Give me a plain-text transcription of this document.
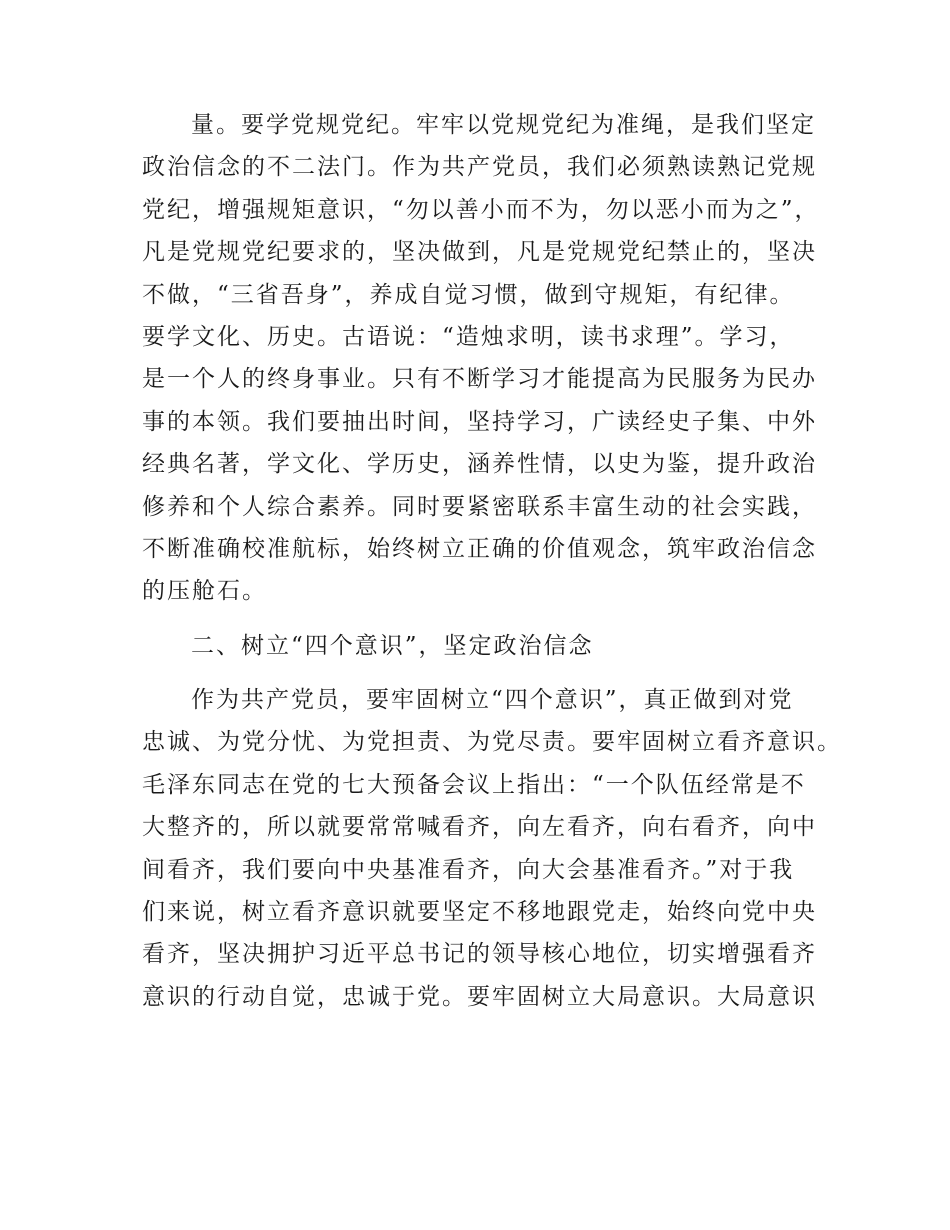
量。要学党规党纪。牢牢以党规党纪为准绳，是我们坚定
政治信念的不二法门。作为共产党员，我们必须熟读熟记党规
党纪，增强规矩意识，“勿以善小而不为，勿以恶小而为之”，
凡是党规党纪要求的，坚决做到，凡是党规党纪禁止的，坚决
不做，“三省吾身”，养成自觉习惯，做到守规矩，有纪律。
要学文化、历史。古语说：“造烛求明，读书求理”。学习，
是一个人的终身事业。只有不断学习才能提高为民服务为民办
事的本领。我们要抽出时间，坚持学习，广读经史子集、中外
经典名著，学文化、学历史，涵养性情，以史为鉴，提升政治
修养和个人综合素养。同时要紧密联系丰富生动的社会实践，
不断准确校准航标，始终树立正确的价值观念，筑牢政治信念
的压舱石。
二、树立“四个意识”，坚定政治信念
作为共产党员，要牢固树立“四个意识”，真正做到对党
忠诚、为党分忧、为党担责、为党尽责。要牢固树立看齐意识。
毛泽东同志在党的七大预备会议上指出：“一个队伍经常是不
大整齐的，所以就要常常喊看齐，向左看齐，向右看齐，向中
间看齐，我们要向中央基准看齐，向大会基准看齐。”对于我
们来说，树立看齐意识就要坚定不移地跟党走，始终向党中央
看齐，坚决拥护习近平总书记的领导核心地位，切实增强看齐
意识的行动自觉，忠诚于党。要牢固树立大局意识。大局意识
